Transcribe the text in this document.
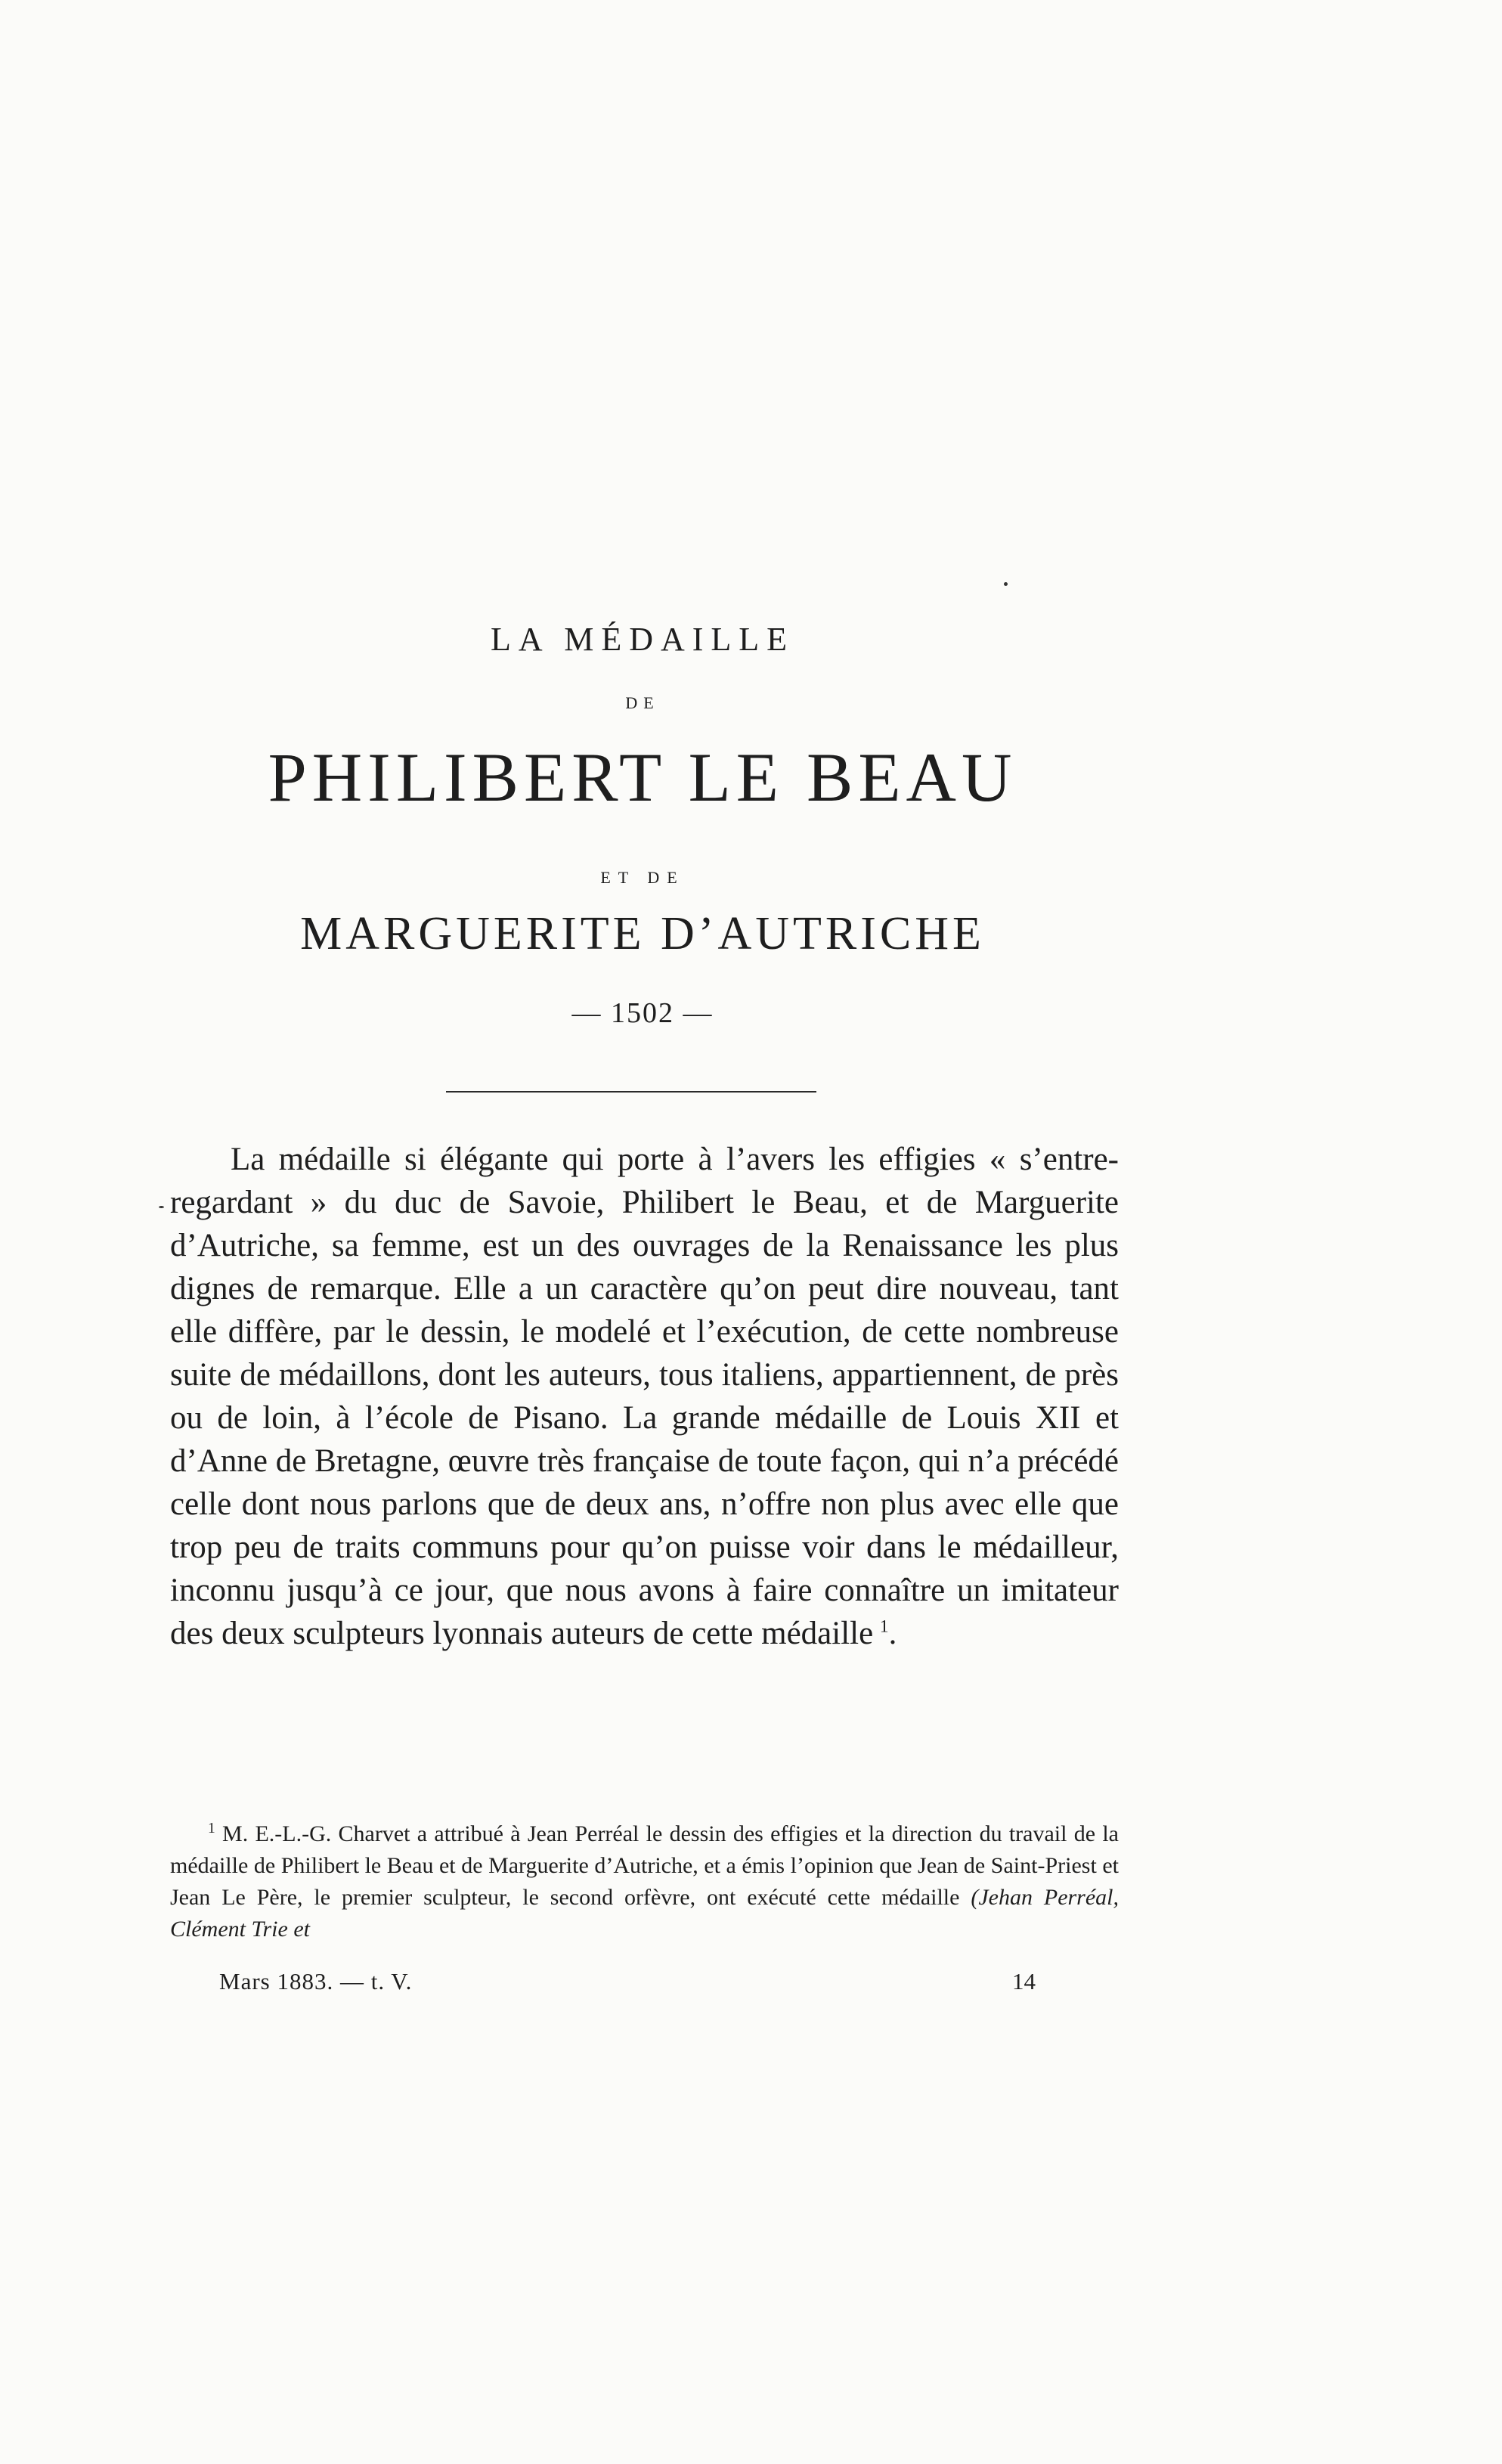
LA MÉDAILLE
DE
PHILIBERT LE BEAU
ET DE
MARGUERITE D’AUTRICHE
— 1502 —

La médaille si élégante qui porte à l’avers les effigies « s’entre-regardant » du duc de Savoie, Philibert le Beau, et de Marguerite d’Autriche, sa femme, est un des ouvrages de la Renaissance les plus dignes de remarque. Elle a un caractère qu’on peut dire nouveau, tant elle diffère, par le dessin, le modelé et l’exécution, de cette nombreuse suite de médaillons, dont les auteurs, tous italiens, appartiennent, de près ou de loin, à l’école de Pisano. La grande médaille de Louis XII et d’Anne de Bretagne, œuvre très française de toute façon, qui n’a précédé celle dont nous parlons que de deux ans, n’offre non plus avec elle que trop peu de traits communs pour qu’on puisse voir dans le médailleur, inconnu jusqu’à ce jour, que nous avons à faire connaître un imitateur des deux sculpteurs lyonnais auteurs de cette médaille  $^1$.

$^1$ M. E.-L.-G. Charvet a attribué à Jean Perréal le dessin des effigies et la direction du travail de la médaille de Philibert le Beau et de Marguerite d’Autriche, et a émis l’opinion que Jean de Saint-Priest et Jean Le Père, le premier sculpteur, le second orfèvre, ont exécuté cette médaille (Jehan Perréal, Clément Trie et

Mars 1883. — t. V.	14
